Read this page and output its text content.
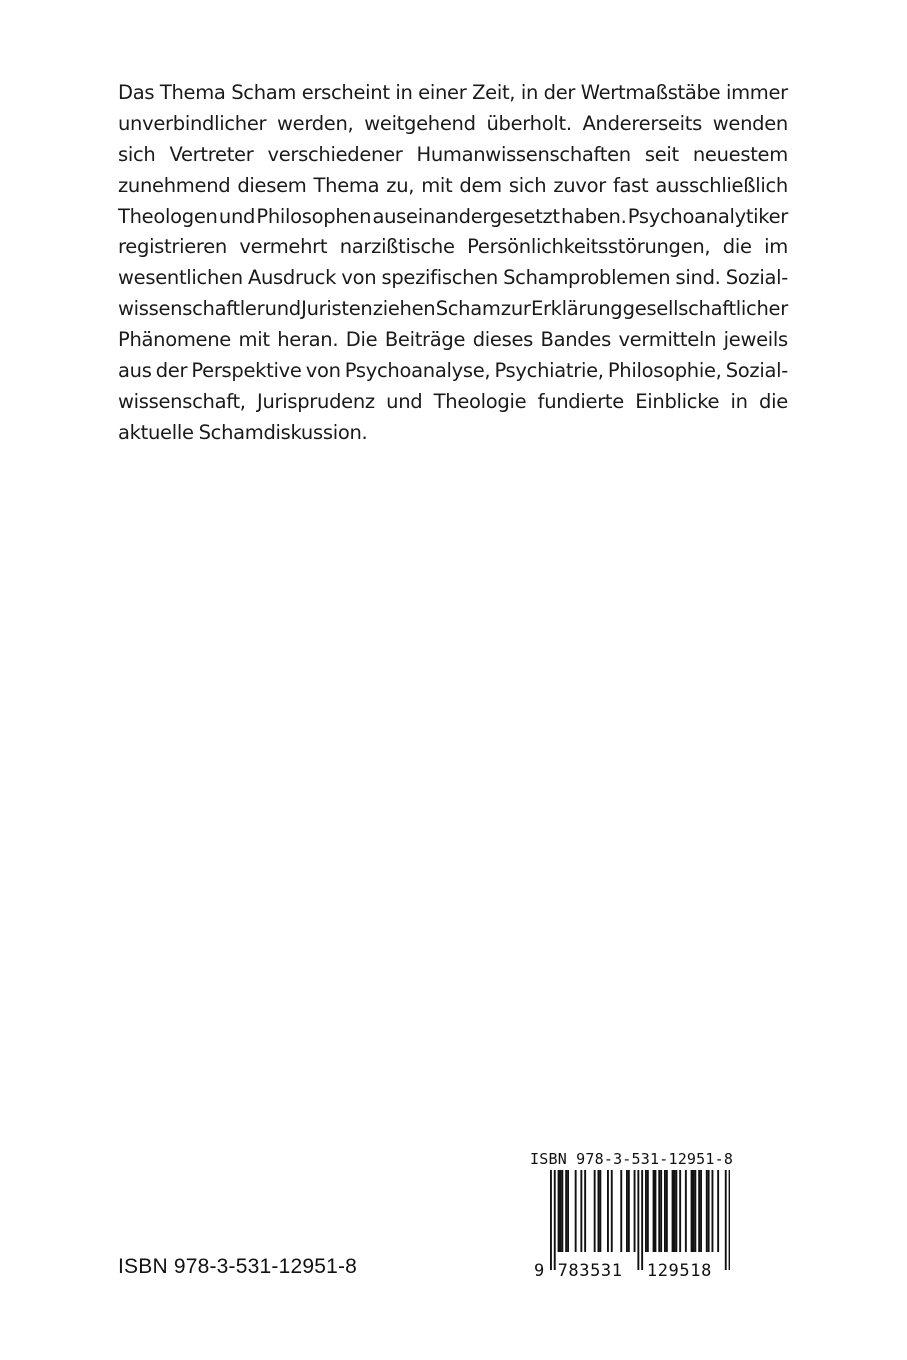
Das Thema Scham erscheint in einer Zeit, in der Wertmaßstäbe immer
unverbindlicher werden, weitgehend überholt. Andererseits wenden
sich Vertreter verschiedener Humanwissenschaften seit neuestem
zunehmend diesem Thema zu, mit dem sich zuvor fast ausschließlich
Theologen und Philosophen auseinandergesetzt haben. Psychoanalytiker
registrieren vermehrt narzißtische Persönlichkeitsstörungen, die im
wesentlichen Ausdruck von spezifischen Schamproblemen sind. Sozial-
wissenschaftler und Juristen ziehen Scham zur Erklärung gesellschaftlicher
Phänomene mit heran. Die Beiträge dieses Bandes vermitteln jeweils
aus der Perspektive von Psychoanalyse, Psychiatrie, Philosophie, Sozial-
wissenschaft, Jurisprudenz und Theologie fundierte Einblicke in die
aktuelle Schamdiskussion.
ISBN 978-3-531-12951-8
ISBN 978-3-531-12951-8
9 783531 129518
